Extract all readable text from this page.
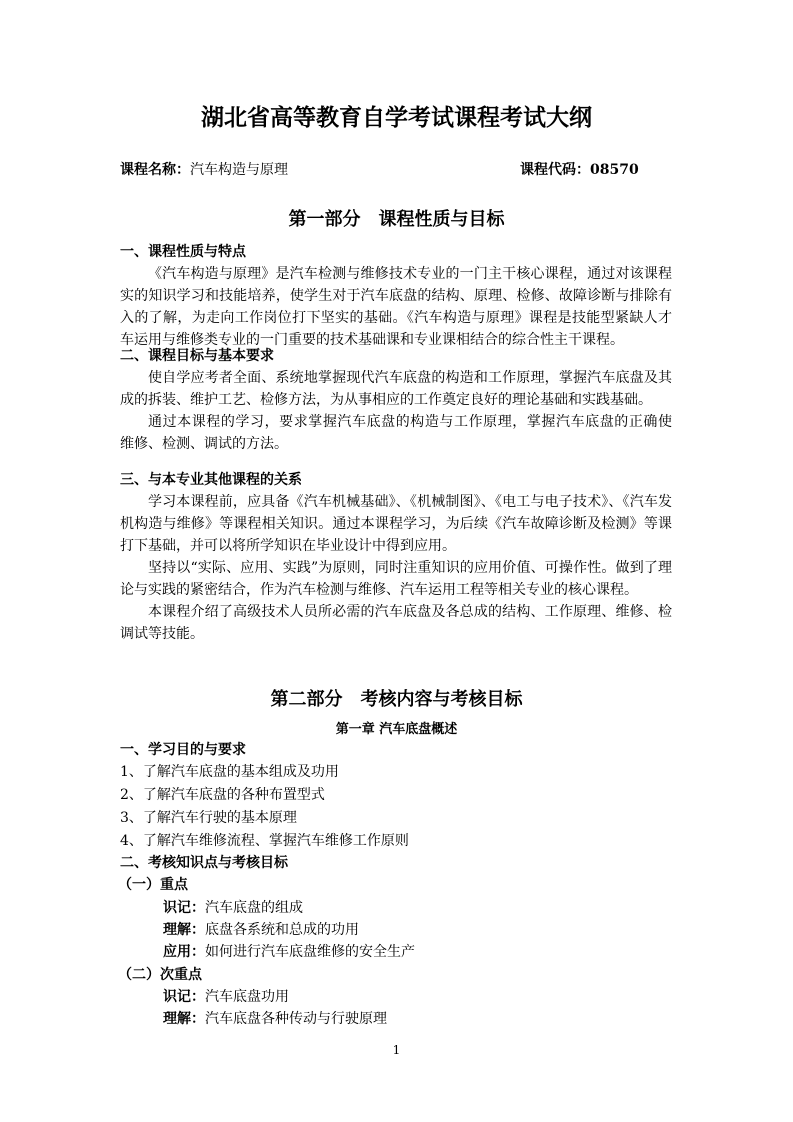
湖北省高等教育自学考试课程考试大纲
课程名称：汽车构造与原理	课程代码：08570
第一部分　课程性质与目标
一、课程性质与特点
《汽车构造与原理》是汽车检测与维修技术专业的一门主干核心课程，通过对该课程
实的知识学习和技能培养，使学生对于汽车底盘的结构、原理、检修、故障诊断与排除有
入的了解，为走向工作岗位打下坚实的基础。《汽车构造与原理》课程是技能型紧缺人才
车运用与维修类专业的一门重要的技术基础课和专业课相结合的综合性主干课程。
二、课程目标与基本要求
使自学应考者全面、系统地掌握现代汽车底盘的构造和工作原理，掌握汽车底盘及其
成的拆装、维护工艺、检修方法，为从事相应的工作奠定良好的理论基础和实践基础。
通过本课程的学习，要求掌握汽车底盘的构造与工作原理，掌握汽车底盘的正确使
维修、检测、调试的方法。
三、与本专业其他课程的关系
学习本课程前，应具备《汽车机械基础》、《机械制图》、《电工与电子技术》、《汽车发
机构造与维修》等课程相关知识。通过本课程学习，为后续《汽车故障诊断及检测》等课
打下基础，并可以将所学知识在毕业设计中得到应用。
坚持以“实际、应用、实践”为原则，同时注重知识的应用价值、可操作性。做到了理
论与实践的紧密结合，作为汽车检测与维修、汽车运用工程等相关专业的核心课程。
本课程介绍了高级技术人员所必需的汽车底盘及各总成的结构、工作原理、维修、检
调试等技能。
第二部分　考核内容与考核目标
第一章 汽车底盘概述
一、学习目的与要求
1、了解汽车底盘的基本组成及功用
2、了解汽车底盘的各种布置型式
3、了解汽车行驶的基本原理
4、了解汽车维修流程、掌握汽车维修工作原则
二、考核知识点与考核目标
（一）重点
识记：汽车底盘的组成
理解：底盘各系统和总成的功用
应用：如何进行汽车底盘维修的安全生产
（二）次重点
识记：汽车底盘功用
理解：汽车底盘各种传动与行驶原理
1
